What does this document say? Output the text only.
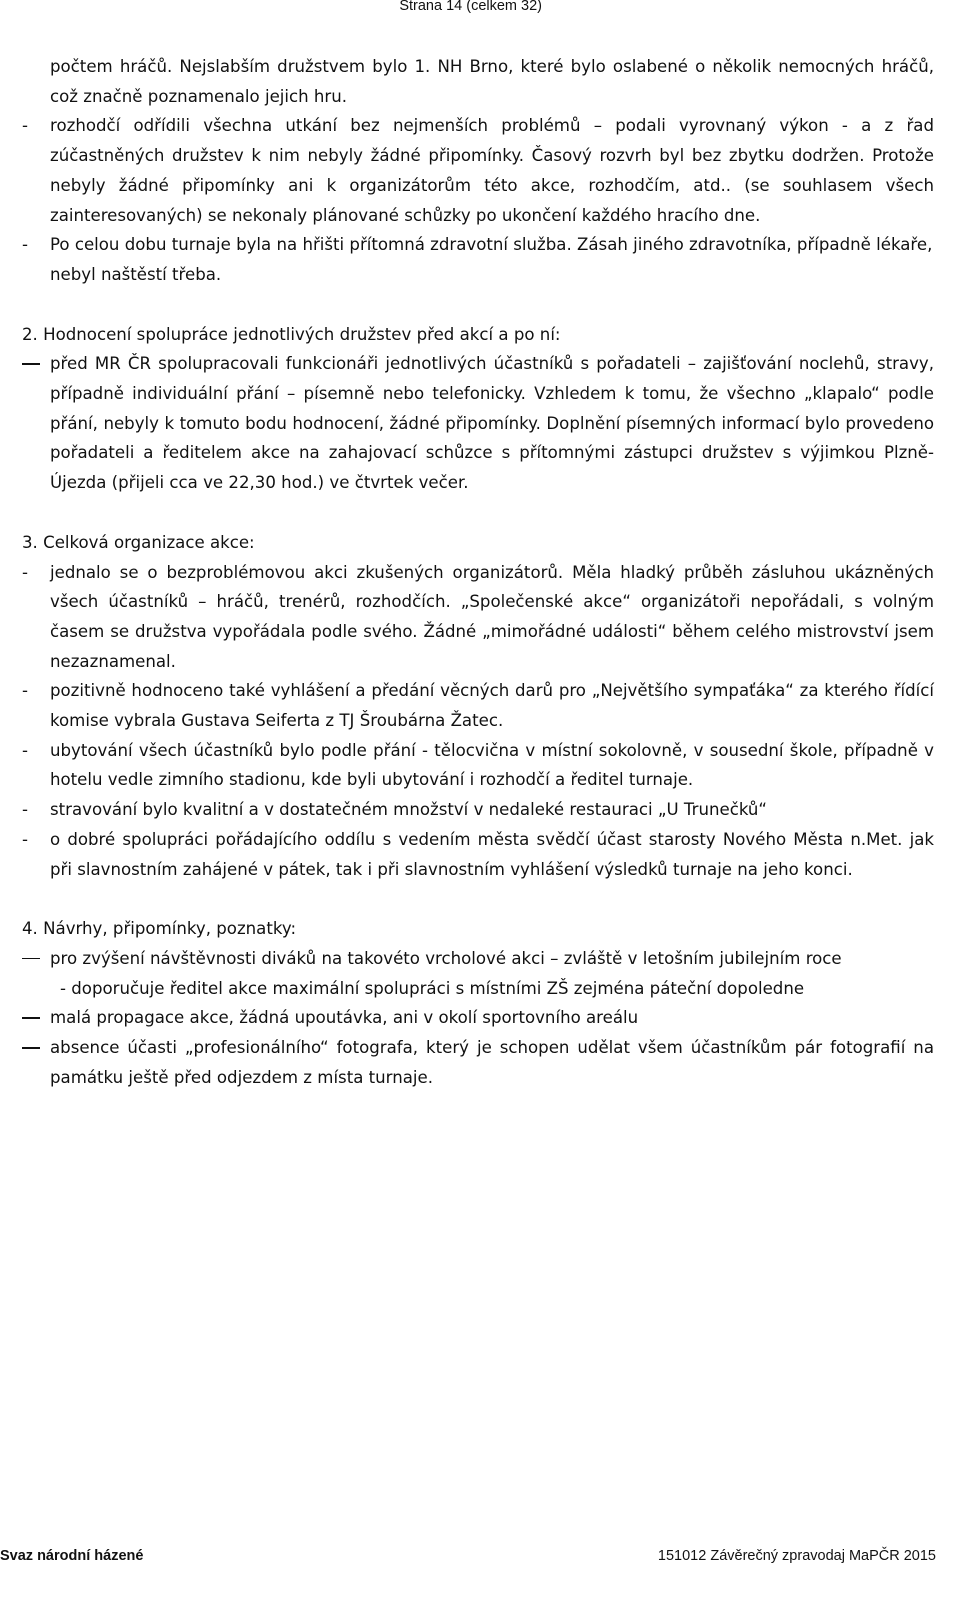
Strana 14 (celkem 32)
počtem hráčů. Nejslabším družstvem bylo 1. NH Brno, které bylo oslabené o několik nemocných hráčů, což značně poznamenalo jejich hru.
- rozhodčí odřídili všechna utkání bez nejmenších problémů – podali vyrovnaný výkon - a z řad zúčastněných družstev k nim nebyly žádné připomínky. Časový rozvrh byl bez zbytku dodržen. Protože nebyly žádné připomínky ani k organizátorům této akce, rozhodčím, atd.. (se souhlasem všech zainteresovaných) se nekonaly plánované schůzky po ukončení každého hracího dne.
- Po celou dobu turnaje byla na hřišti přítomná zdravotní služba. Zásah jiného zdravotníka, případně lékaře, nebyl naštěstí třeba.
2. Hodnocení spolupráce jednotlivých družstev před akcí a po ní:
před MR ČR spolupracovali funkcionáři jednotlivých účastníků s pořadateli – zajišťování noclehů, stravy, případně individuální přání – písemně nebo telefonicky. Vzhledem k tomu, že všechno „klapalo“ podle přání, nebyly k tomuto bodu hodnocení, žádné připomínky. Doplnění písemných informací bylo provedeno pořadateli a ředitelem akce na zahajovací schůzce s přítomnými zástupci družstev s výjimkou Plzně-Újezda (přijeli cca ve 22,30 hod.) ve čtvrtek večer.
3. Celková organizace akce:
- jednalo se o bezproblémovou akci zkušených organizátorů. Měla hladký průběh zásluhou ukázněných všech účastníků – hráčů, trenérů, rozhodčích. „Společenské akce“ organizátoři nepořádali, s volným časem se družstva vypořádala podle svého. Žádné „mimořádné události“ během celého mistrovství jsem nezaznamenal.
- pozitivně hodnoceno také vyhlášení a předání věcných darů pro „Největšího sympaťáka“ za kterého řídící komise vybrala Gustava Seiferta z TJ Šroubárna Žatec.
- ubytování všech účastníků bylo podle přání - tělocvična v místní sokolovně, v sousední škole, případně v hotelu vedle zimního stadionu, kde byli ubytování i rozhodčí a ředitel turnaje.
- stravování bylo kvalitní a v dostatečném množství v nedaleké restauraci „U Trunečků“
- o dobré spolupráci pořádajícího oddílu s vedením města svědčí účast starosty Nového Města n.Met. jak při slavnostním zahájené v pátek, tak i při slavnostním vyhlášení výsledků turnaje na jeho konci.
4. Návrhy, připomínky, poznatky:
pro zvýšení návštěvnosti diváků na takovéto vrcholové akci – zvláště v letošním jubilejním roce
- doporučuje ředitel akce maximální spolupráci s místními ZŠ zejména páteční dopoledne
malá propagace akce, žádná upoutávka, ani v okolí sportovního areálu
absence účasti „profesionálního“ fotografa, který je schopen udělat všem účastníkům pár fotografií na památku ještě před odjezdem z místa turnaje.
Svaz národní házené	151012 Závěrečný zpravodaj MaPČR 2015
